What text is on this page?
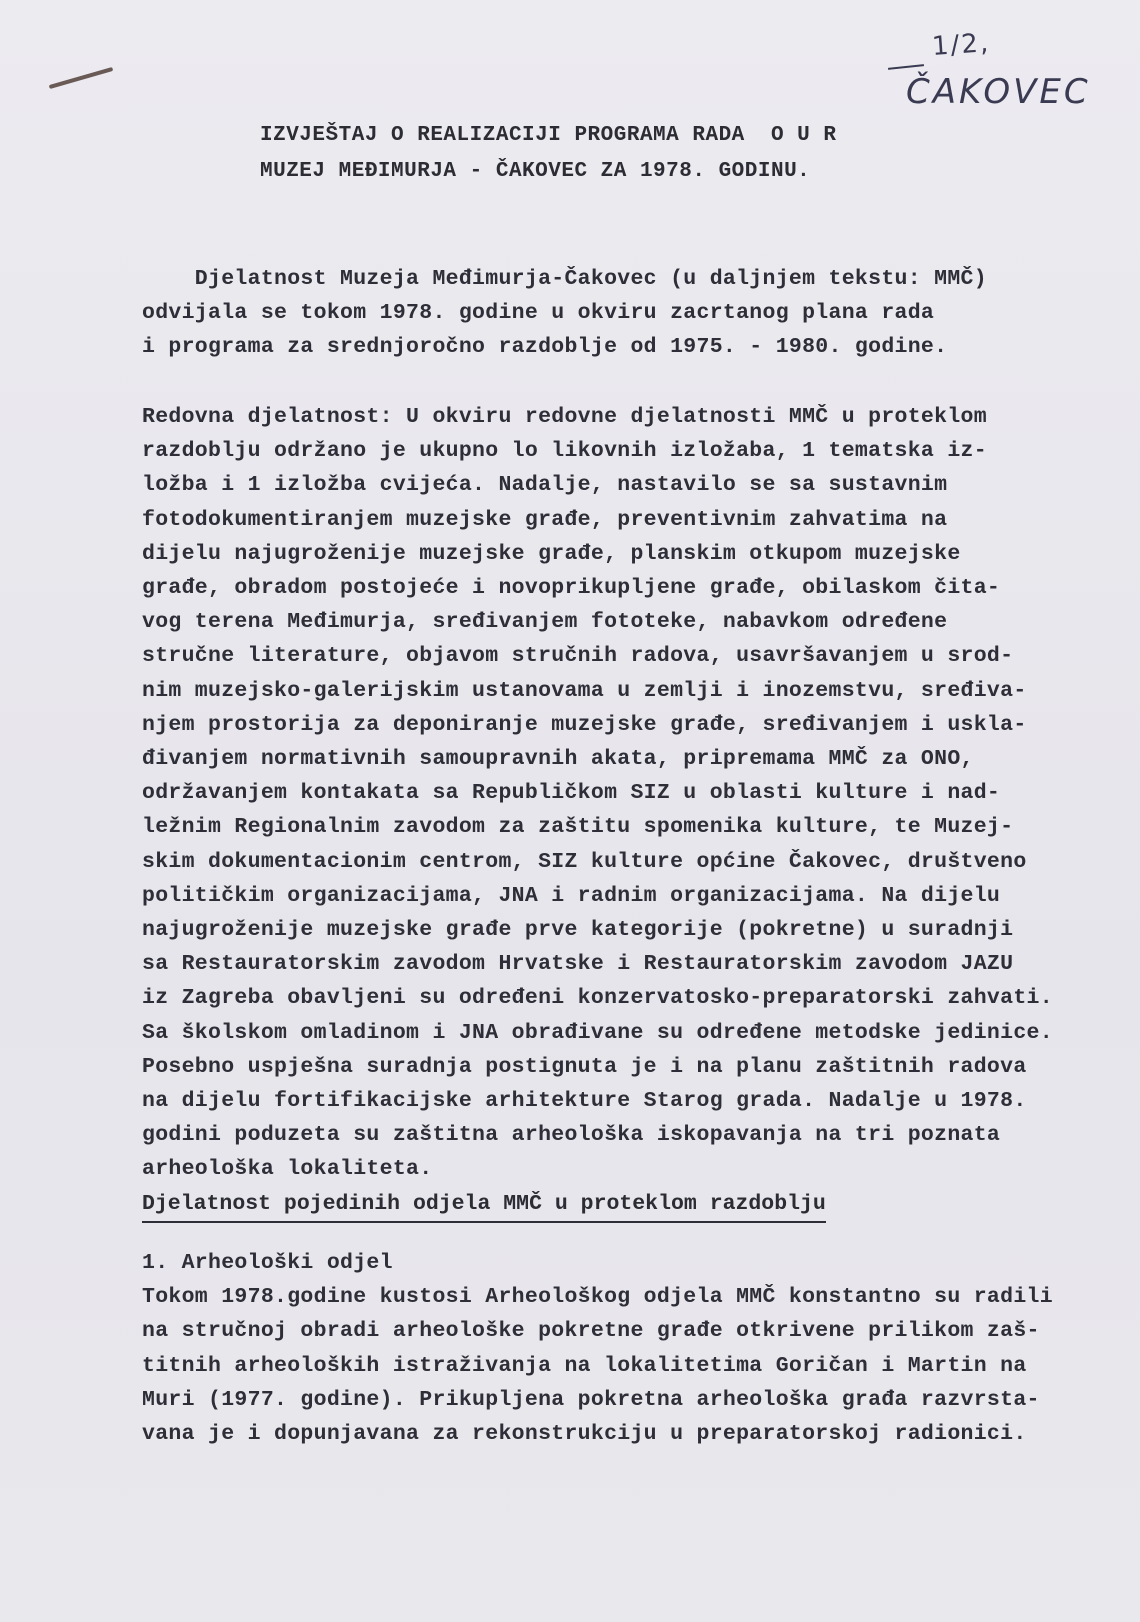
1/2,
ČAKOVEC
IZVJEŠTAJ O REALIZACIJI PROGRAMA RADA  O U R
MUZEJ MEĐIMURJA - ČAKOVEC ZA 1978. GODINU.
Djelatnost Muzeja Međimurja-Čakovec (u daljnjem tekstu: MMČ)
odvijala se tokom 1978. godine u okviru zacrtanog plana rada
i programa za srednjoročno razdoblje od 1975. - 1980. godine.
Redovna djelatnost: U okviru redovne djelatnosti MMČ u proteklom
razdoblju održano je ukupno lo likovnih izložaba, 1 tematska iz-
ložba i 1 izložba cvijeća. Nadalje, nastavilo se sa sustavnim
fotodokumentiranjem muzejske građe, preventivnim zahvatima na
dijelu najugroženije muzejske građe, planskim otkupom muzejske
građe, obradom postojeće i novoprikupljene građe, obilaskom čita-
vog terena Međimurja, sređivanjem fototeke, nabavkom određene
stručne literature, objavom stručnih radova, usavršavanjem u srod-
nim muzejsko-galerijskim ustanovama u zemlji i inozemstvu, sređiva-
njem prostorija za deponiranje muzejske građe, sređivanjem i uskla-
đivanjem normativnih samoupravnih akata, pripremama MMČ za ONO,
održavanjem kontakata sa Republičkom SIZ u oblasti kulture i nad-
ležnim Regionalnim zavodom za zaštitu spomenika kulture, te Muzej-
skim dokumentacionim centrom, SIZ kulture općine Čakovec, društveno
političkim organizacijama, JNA i radnim organizacijama. Na dijelu
najugroženije muzejske građe prve kategorije (pokretne) u suradnji
sa Restauratorskim zavodom Hrvatske i Restauratorskim zavodom JAZU
iz Zagreba obavljeni su određeni konzervatosko-preparatorski zahvati.
Sa školskom omladinom i JNA obrađivane su određene metodske jedinice.
Posebno uspješna suradnja postignuta je i na planu zaštitnih radova
na dijelu fortifikacijske arhitekture Starog grada. Nadalje u 1978.
godini poduzeta su zaštitna arheološka iskopavanja na tri poznata
arheološka lokaliteta.
Djelatnost pojedinih odjela MMČ u proteklom razdoblju
1. Arheološki odjel
Tokom 1978.godine kustosi Arheološkog odjela MMČ konstantno su radili
na stručnoj obradi arheološke pokretne građe otkrivene prilikom zaš-
titnih arheoloških istraživanja na lokalitetima Goričan i Martin na
Muri (1977. godine). Prikupljena pokretna arheološka građa razvrsta-
vana je i dopunjavana za rekonstrukciju u preparatorskoj radionici.
